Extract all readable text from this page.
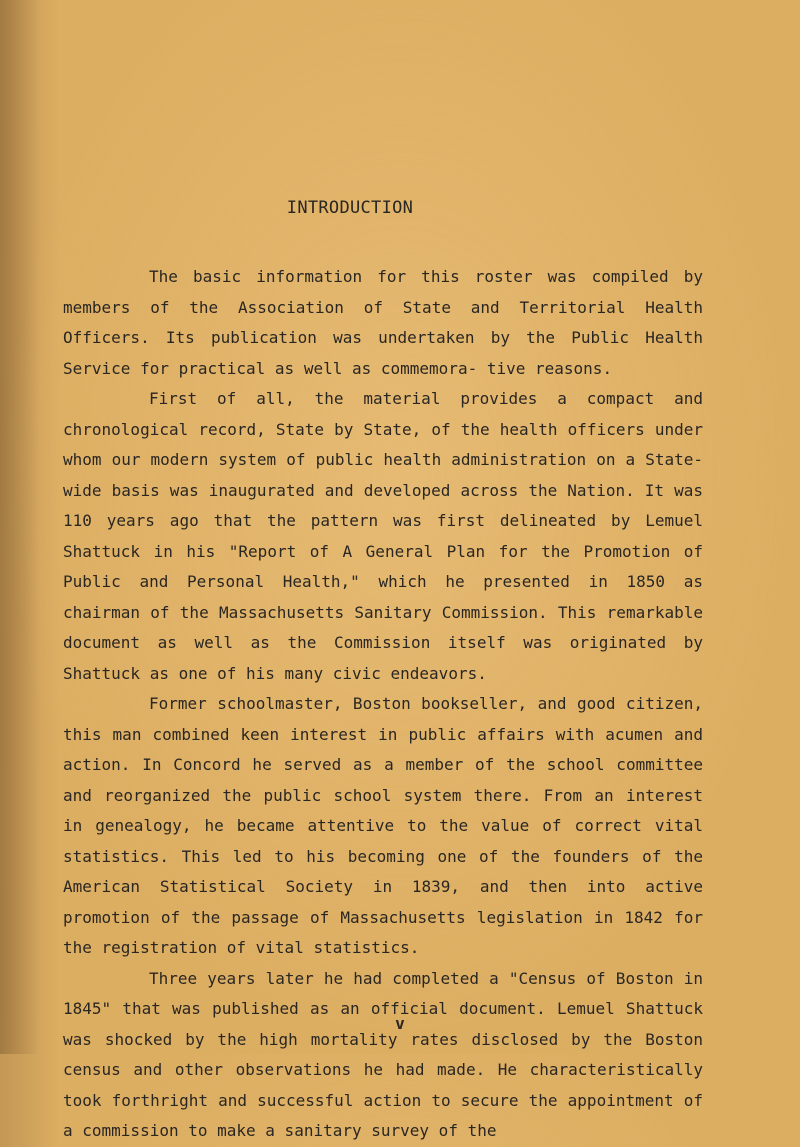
INTRODUCTION

The basic information for this roster was compiled by members of the Association of State and Territorial Health Officers. Its publication was undertaken by the Public Health Service for practical as well as commemora- tive reasons.

First of all, the material provides a compact and chronological record, State by State, of the health officers under whom our modern system of public health administration on a State-wide basis was inaugurated and developed across the Nation. It was 110 years ago that the pattern was first delineated by Lemuel Shattuck in his "Report of A General Plan for the Promotion of Public and Personal Health," which he presented in 1850 as chairman of the Massachusetts Sanitary Commission. This remarkable document as well as the Commission itself was originated by Shattuck as one of his many civic endeavors.

Former schoolmaster, Boston bookseller, and good citizen, this man combined keen interest in public affairs with acumen and action. In Concord he served as a member of the school committee and reorganized the public school system there. From an interest in genealogy, he became attentive to the value of correct vital statistics. This led to his becoming one of the founders of the American Statistical Society in 1839, and then into active promotion of the passage of Massachusetts legislation in 1842 for the registration of vital statistics.

Three years later he had completed a "Census of Boston in 1845" that was published as an official document. Lemuel Shattuck was shocked by the high mortality rates disclosed by the Boston census and other observations he had made. He characteristically took forthright and successful action to secure the appointment of a commission to make a sanitary survey of the

v
